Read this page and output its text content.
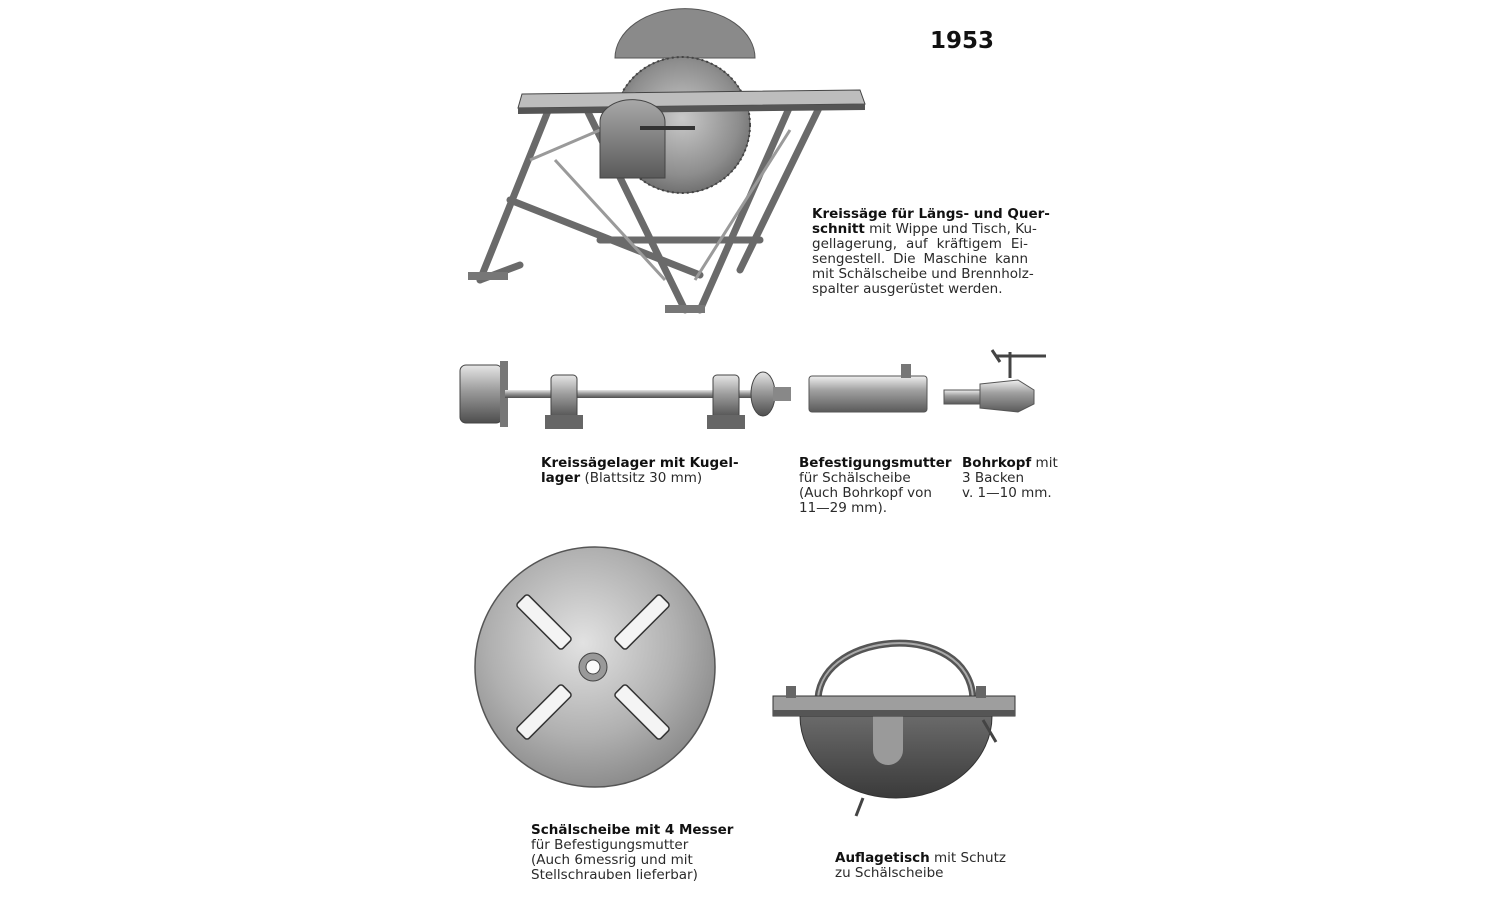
1953
Kreissäge für Längs- und Quer-
schnitt mit Wippe und Tisch, Ku-
gellagerung, auf kräftigem Ei-
sengestell. Die Maschine kann
mit Schälscheibe und Brennholz-
spalter ausgerüstet werden.
Kreissägelager mit Kugel-
lager (Blattsitz 30 mm)
Befestigungsmutter
für Schälscheibe
(Auch Bohrkopf von
11—29 mm).
Bohrkopf mit
3 Backen
v. 1—10 mm.
Schälscheibe mit 4 Messer
für Befestigungsmutter
(Auch 6messrig und mit
Stellschrauben lieferbar)
Auflagetisch mit Schutz
zu Schälscheibe
